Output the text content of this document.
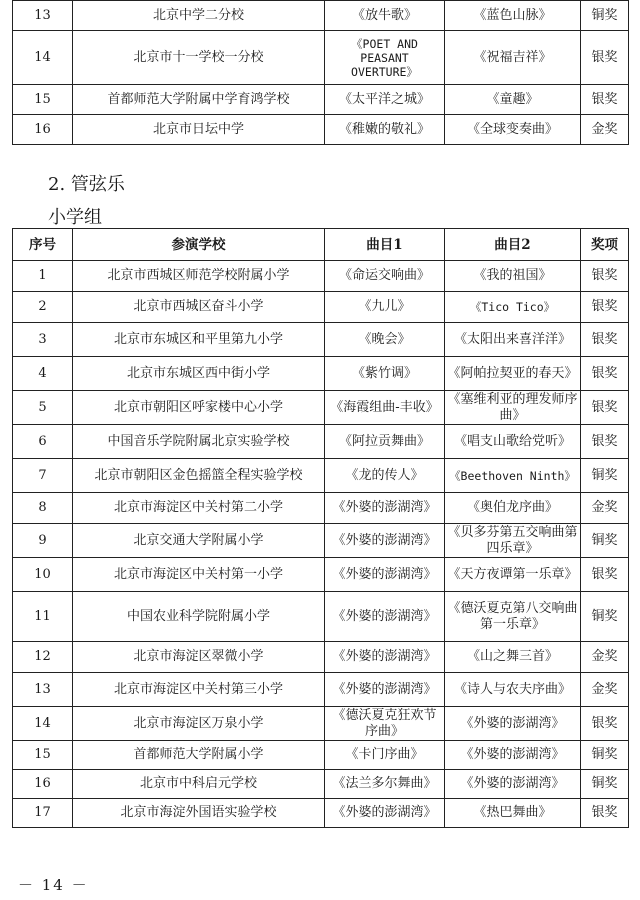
13	北京中学二分校	《放牛歌》	《蓝色山脉》	铜奖
14	北京市十一学校一分校	《POET AND PEASANT OVERTURE》	《祝福吉祥》	银奖
15	首都师范大学附属中学育鸿学校	《太平洋之城》	《童趣》	银奖
16	北京市日坛中学	《稚嫩的敬礼》	《全球变奏曲》	金奖
2. 管弦乐
小学组
序号	参演学校	曲目1	曲目2	奖项
1	北京市西城区师范学校附属小学	《命运交响曲》	《我的祖国》	银奖
2	北京市西城区奋斗小学	《九儿》	《Tico Tico》	银奖
3	北京市东城区和平里第九小学	《晚会》	《太阳出来喜洋洋》	银奖
4	北京市东城区西中街小学	《紫竹调》	《阿帕拉契亚的春天》	银奖
5	北京市朝阳区呼家楼中心小学	《海霞组曲-丰收》	《塞维利亚的理发师序曲》	银奖
6	中国音乐学院附属北京实验学校	《阿拉贡舞曲》	《唱支山歌给党听》	银奖
7	北京市朝阳区金色摇篮全程实验学校	《龙的传人》	《Beethoven Ninth》	铜奖
8	北京市海淀区中关村第二小学	《外婆的澎湖湾》	《奥伯龙序曲》	金奖
9	北京交通大学附属小学	《外婆的澎湖湾》	《贝多芬第五交响曲第四乐章》	铜奖
10	北京市海淀区中关村第一小学	《外婆的澎湖湾》	《天方夜谭第一乐章》	银奖
11	中国农业科学院附属小学	《外婆的澎湖湾》	《德沃夏克第八交响曲第一乐章》	铜奖
12	北京市海淀区翠微小学	《外婆的澎湖湾》	《山之舞三首》	金奖
13	北京市海淀区中关村第三小学	《外婆的澎湖湾》	《诗人与农夫序曲》	金奖
14	北京市海淀区万泉小学	《德沃夏克狂欢节序曲》	《外婆的澎湖湾》	银奖
15	首都师范大学附属小学	《卡门序曲》	《外婆的澎湖湾》	铜奖
16	北京市中科启元学校	《法兰多尔舞曲》	《外婆的澎湖湾》	铜奖
17	北京市海淀外国语实验学校	《外婆的澎湖湾》	《热巴舞曲》	银奖
－ 14 －
